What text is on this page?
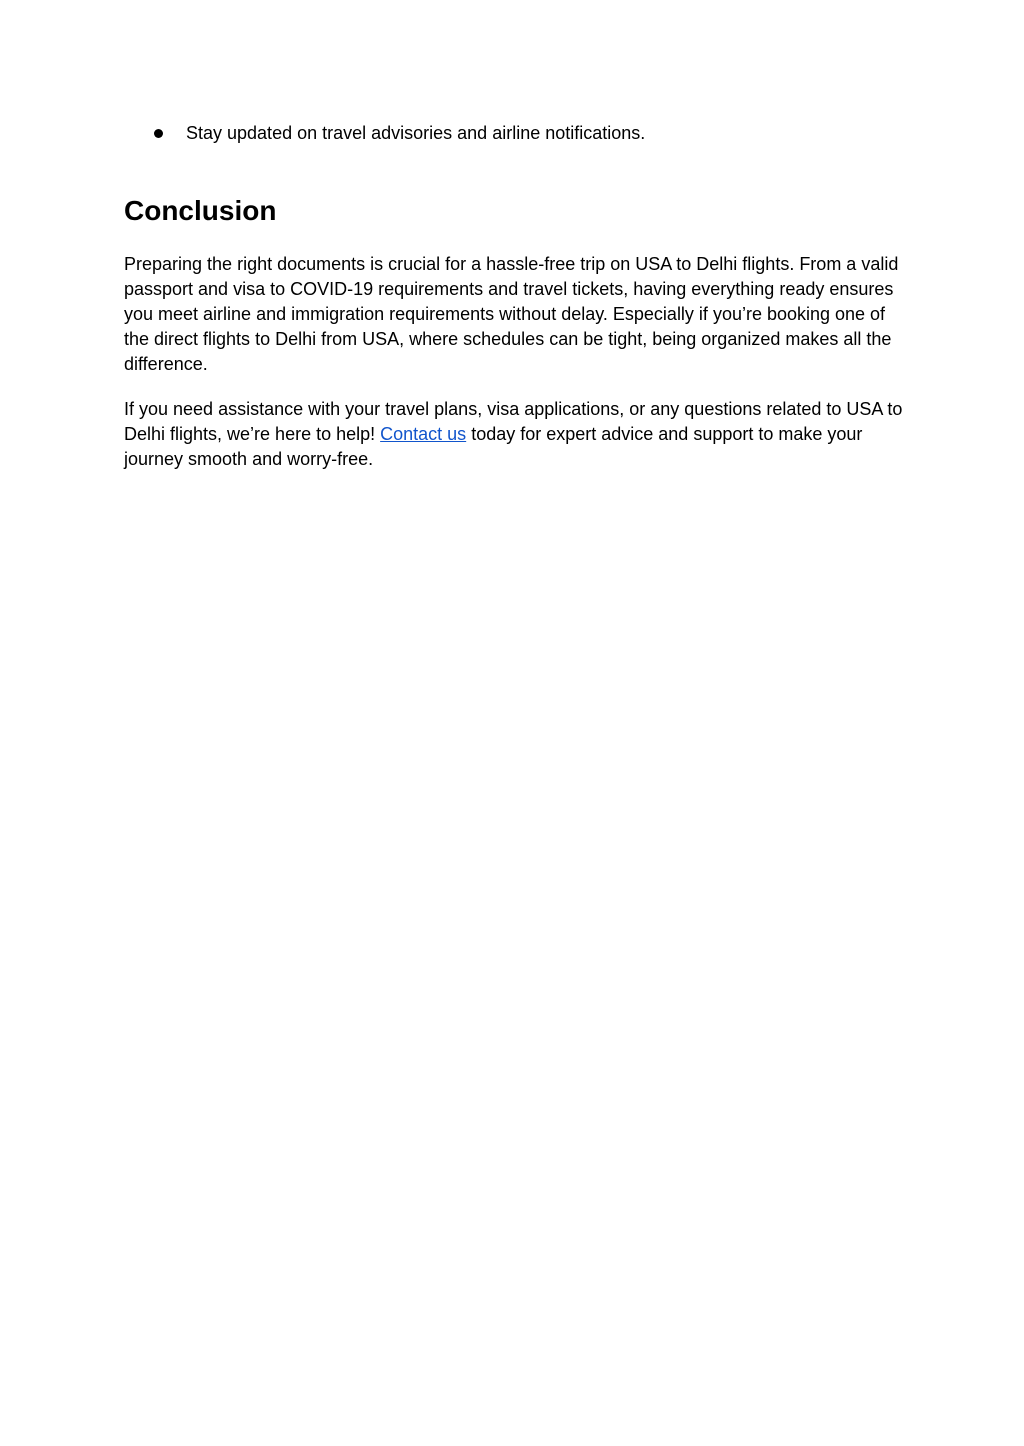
Stay updated on travel advisories and airline notifications.
Conclusion

Preparing the right documents is crucial for a hassle-free trip on USA to Delhi flights. From a valid passport and visa to COVID-19 requirements and travel tickets, having everything ready ensures you meet airline and immigration requirements without delay. Especially if you’re booking one of the direct flights to Delhi from USA, where schedules can be tight, being organized makes all the difference.

If you need assistance with your travel plans, visa applications, or any questions related to USA to Delhi flights, we’re here to help! Contact us today for expert advice and support to make your journey smooth and worry-free.
